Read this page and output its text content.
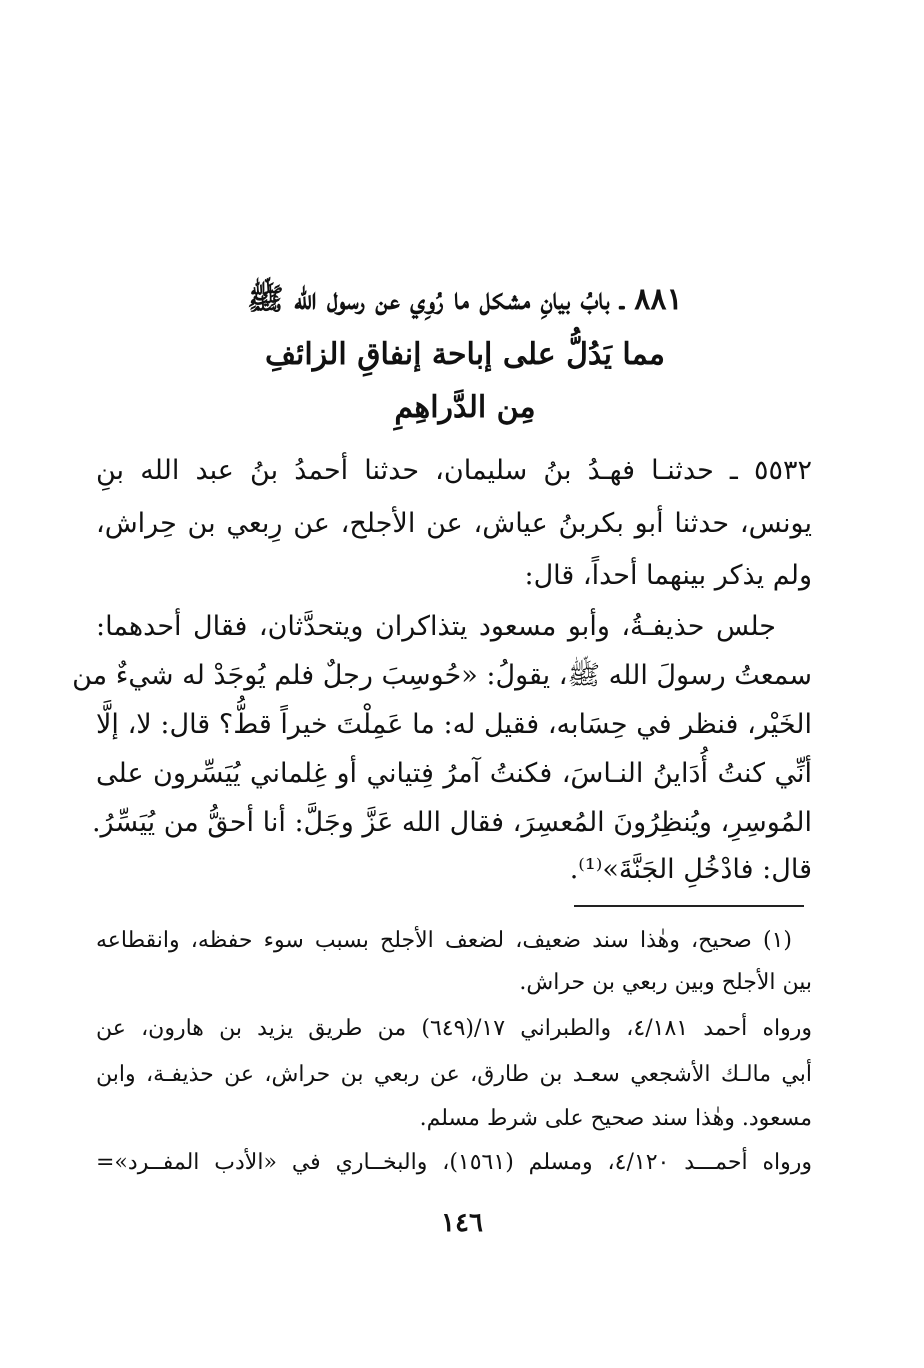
٨٨١ ـ بابُ بيانِ مشكل ما رُوِي عن رسول الله ﷺ
مما يَدُلُّ على إباحة إنفاقِ الزائفِ
مِن الدَّراهِمِ
٥٥٣٢ ـ حدثنـا فهـدُ بنُ سليمان، حدثنا أحمدُ بنُ عبد الله بنِ
يونس، حدثنا أبو بكربنُ عياش، عن الأجلح، عن رِبعي بن حِراش،
ولم يذكر بينهما أحداً، قال:
جلس حذيفـةُ، وأبو مسعود يتذاكران ويتحدَّثان، فقال أحدهما:
سمعتُ رسولَ الله ﷺ، يقولُ: «حُوسِبَ رجلٌ فلم يُوجَدْ له شيءٌ من
الخَيْر، فنظر في حِسَابه، فقيل له: ما عَمِلْتَ خيراً قطُّ؟ قال: لا، إلَّا
أنِّي كنتُ أُدَاينُ النـاسَ، فكنتُ آمرُ فِتياني أو غِلماني يُيَسِّرون على
المُوسِرِ، ويُنظِرُونَ المُعسِرَ، فقال الله عَزَّ وجَلَّ: أنا أحقُّ من يُيَسِّرُ.
قال: فادْخُلِ الجَنَّةَ»⁽¹⁾.
(١) صحيح، وهٰذا سند ضعيف، لضعف الأجلح بسبب سوء حفظه، وانقطاعه
بين الأجلح وبين ربعي بن حراش.
ورواه أحمد ٤/١٨١، والطبراني ١٧/(٦٤٩) من طريق يزيد بن هارون، عن
أبي مالـك الأشجعي سعـد بن طارق، عن ربعي بن حراش، عن حذيفـة، وابن
مسعود. وهٰذا سند صحيح على شرط مسلم.
ورواه أحمـــد ٤/١٢٠، ومسلم (١٥٦١)، والبخــاري في «الأدب المفــرد»=
١٤٦
